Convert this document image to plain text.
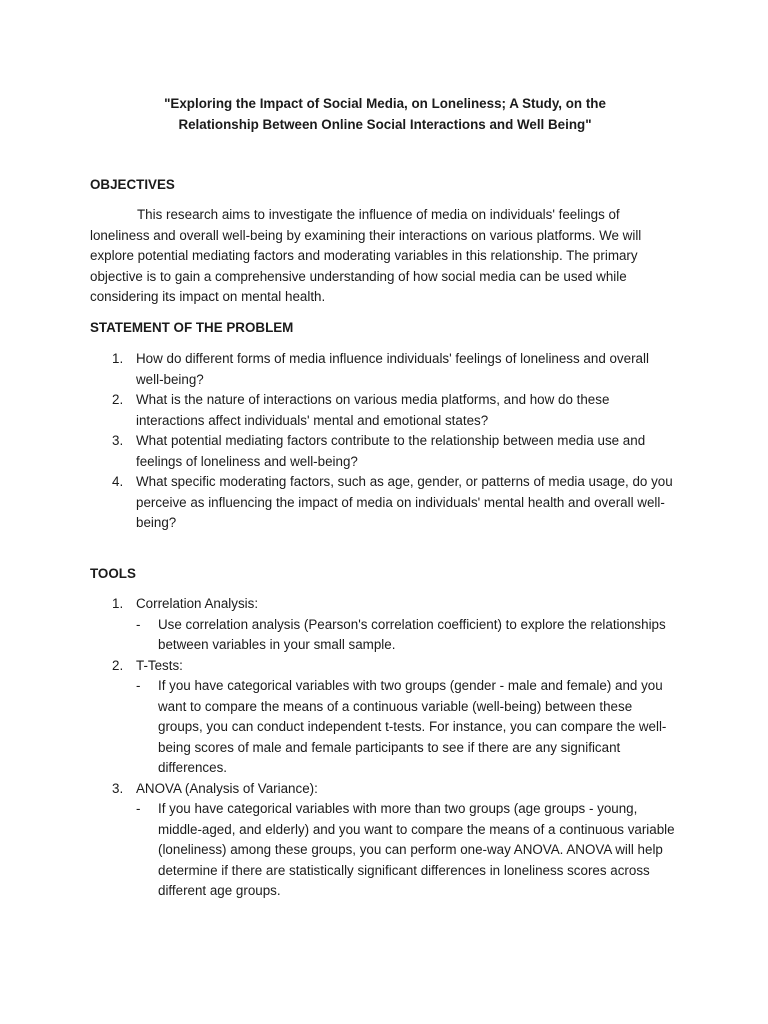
"Exploring the Impact of Social Media, on Loneliness; A Study, on the
Relationship Between Online Social Interactions and Well Being"
OBJECTIVES

This research aims to investigate the influence of media on individuals' feelings of loneliness and overall well-being by examining their interactions on various platforms. We will explore potential mediating factors and moderating variables in this relationship. The primary objective is to gain a comprehensive understanding of how social media can be used while considering its impact on mental health.

STATEMENT OF THE PROBLEM
1. How do different forms of media influence individuals' feelings of loneliness and overall well-being?
2. What is the nature of interactions on various media platforms, and how do these interactions affect individuals' mental and emotional states?
3. What potential mediating factors contribute to the relationship between media use and feelings of loneliness and well-being?
4. What specific moderating factors, such as age, gender, or patterns of media usage, do you perceive as influencing the impact of media on individuals' mental health and overall well-being?
TOOLS
1. Correlation Analysis:
- Use correlation analysis (Pearson's correlation coefficient) to explore the relationships between variables in your small sample.
2. T-Tests:
- If you have categorical variables with two groups (gender - male and female) and you want to compare the means of a continuous variable (well-being) between these groups, you can conduct independent t-tests. For instance, you can compare the well-being scores of male and female participants to see if there are any significant differences.
3. ANOVA (Analysis of Variance):
- If you have categorical variables with more than two groups (age groups - young, middle-aged, and elderly) and you want to compare the means of a continuous variable (loneliness) among these groups, you can perform one-way ANOVA. ANOVA will help determine if there are statistically significant differences in loneliness scores across different age groups.
